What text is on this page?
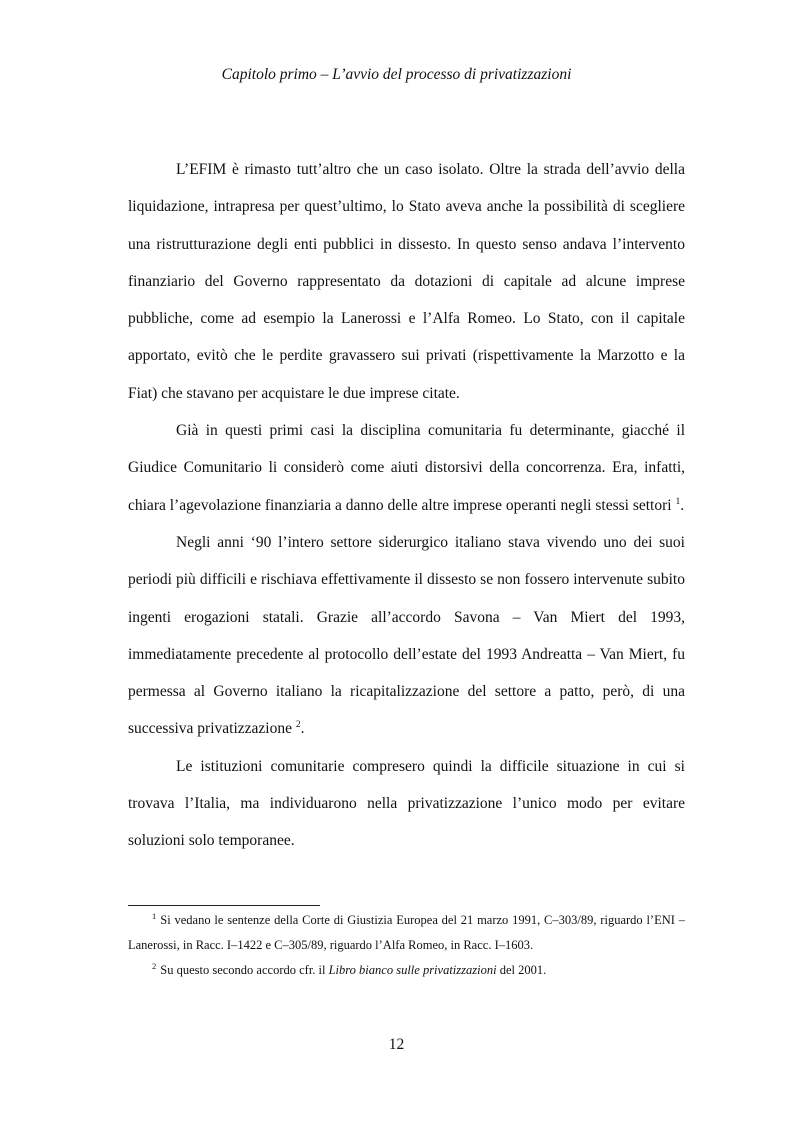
Capitolo primo – L’avvio del processo di privatizzazioni

L’EFIM è rimasto tutt’altro che un caso isolato. Oltre la strada dell’avvio della liquidazione, intrapresa per quest’ultimo, lo Stato aveva anche la possibilità di scegliere una ristrutturazione degli enti pubblici in dissesto. In questo senso andava l’intervento finanziario del Governo rappresentato da dotazioni di capitale ad alcune imprese pubbliche, come ad esempio la Lanerossi e l’Alfa Romeo. Lo Stato, con il capitale apportato, evitò che le perdite gravassero sui privati (rispettivamente la Marzotto e la Fiat) che stavano per acquistare le due imprese citate.

Già in questi primi casi la disciplina comunitaria fu determinante, giacché il Giudice Comunitario li considerò come aiuti distorsivi della concorrenza. Era, infatti, chiara l’agevolazione finanziaria a danno delle altre imprese operanti negli stessi settori $^1$.

Negli anni ‘90 l’intero settore siderurgico italiano stava vivendo uno dei suoi periodi più difficili e rischiava effettivamente il dissesto se non fossero intervenute subito ingenti erogazioni statali. Grazie all’accordo Savona – Van Miert del 1993, immediatamente precedente al protocollo dell’estate del 1993 Andreatta – Van Miert, fu permessa al Governo italiano la ricapitalizzazione del settore a patto, però, di una successiva privatizzazione $^2$.

Le istituzioni comunitarie compresero quindi la difficile situazione in cui si trovava l’Italia, ma individuarono nella privatizzazione l’unico modo per evitare soluzioni solo temporanee.

$^1$ Si vedano le sentenze della Corte di Giustizia Europea del 21 marzo 1991, C–303/89, riguardo l’ENI – Lanerossi, in Racc. I–1422 e C–305/89, riguardo l’Alfa Romeo, in Racc. I–1603.

$^2$ Su questo secondo accordo cfr. il Libro bianco sulle privatizzazioni del 2001.

12
